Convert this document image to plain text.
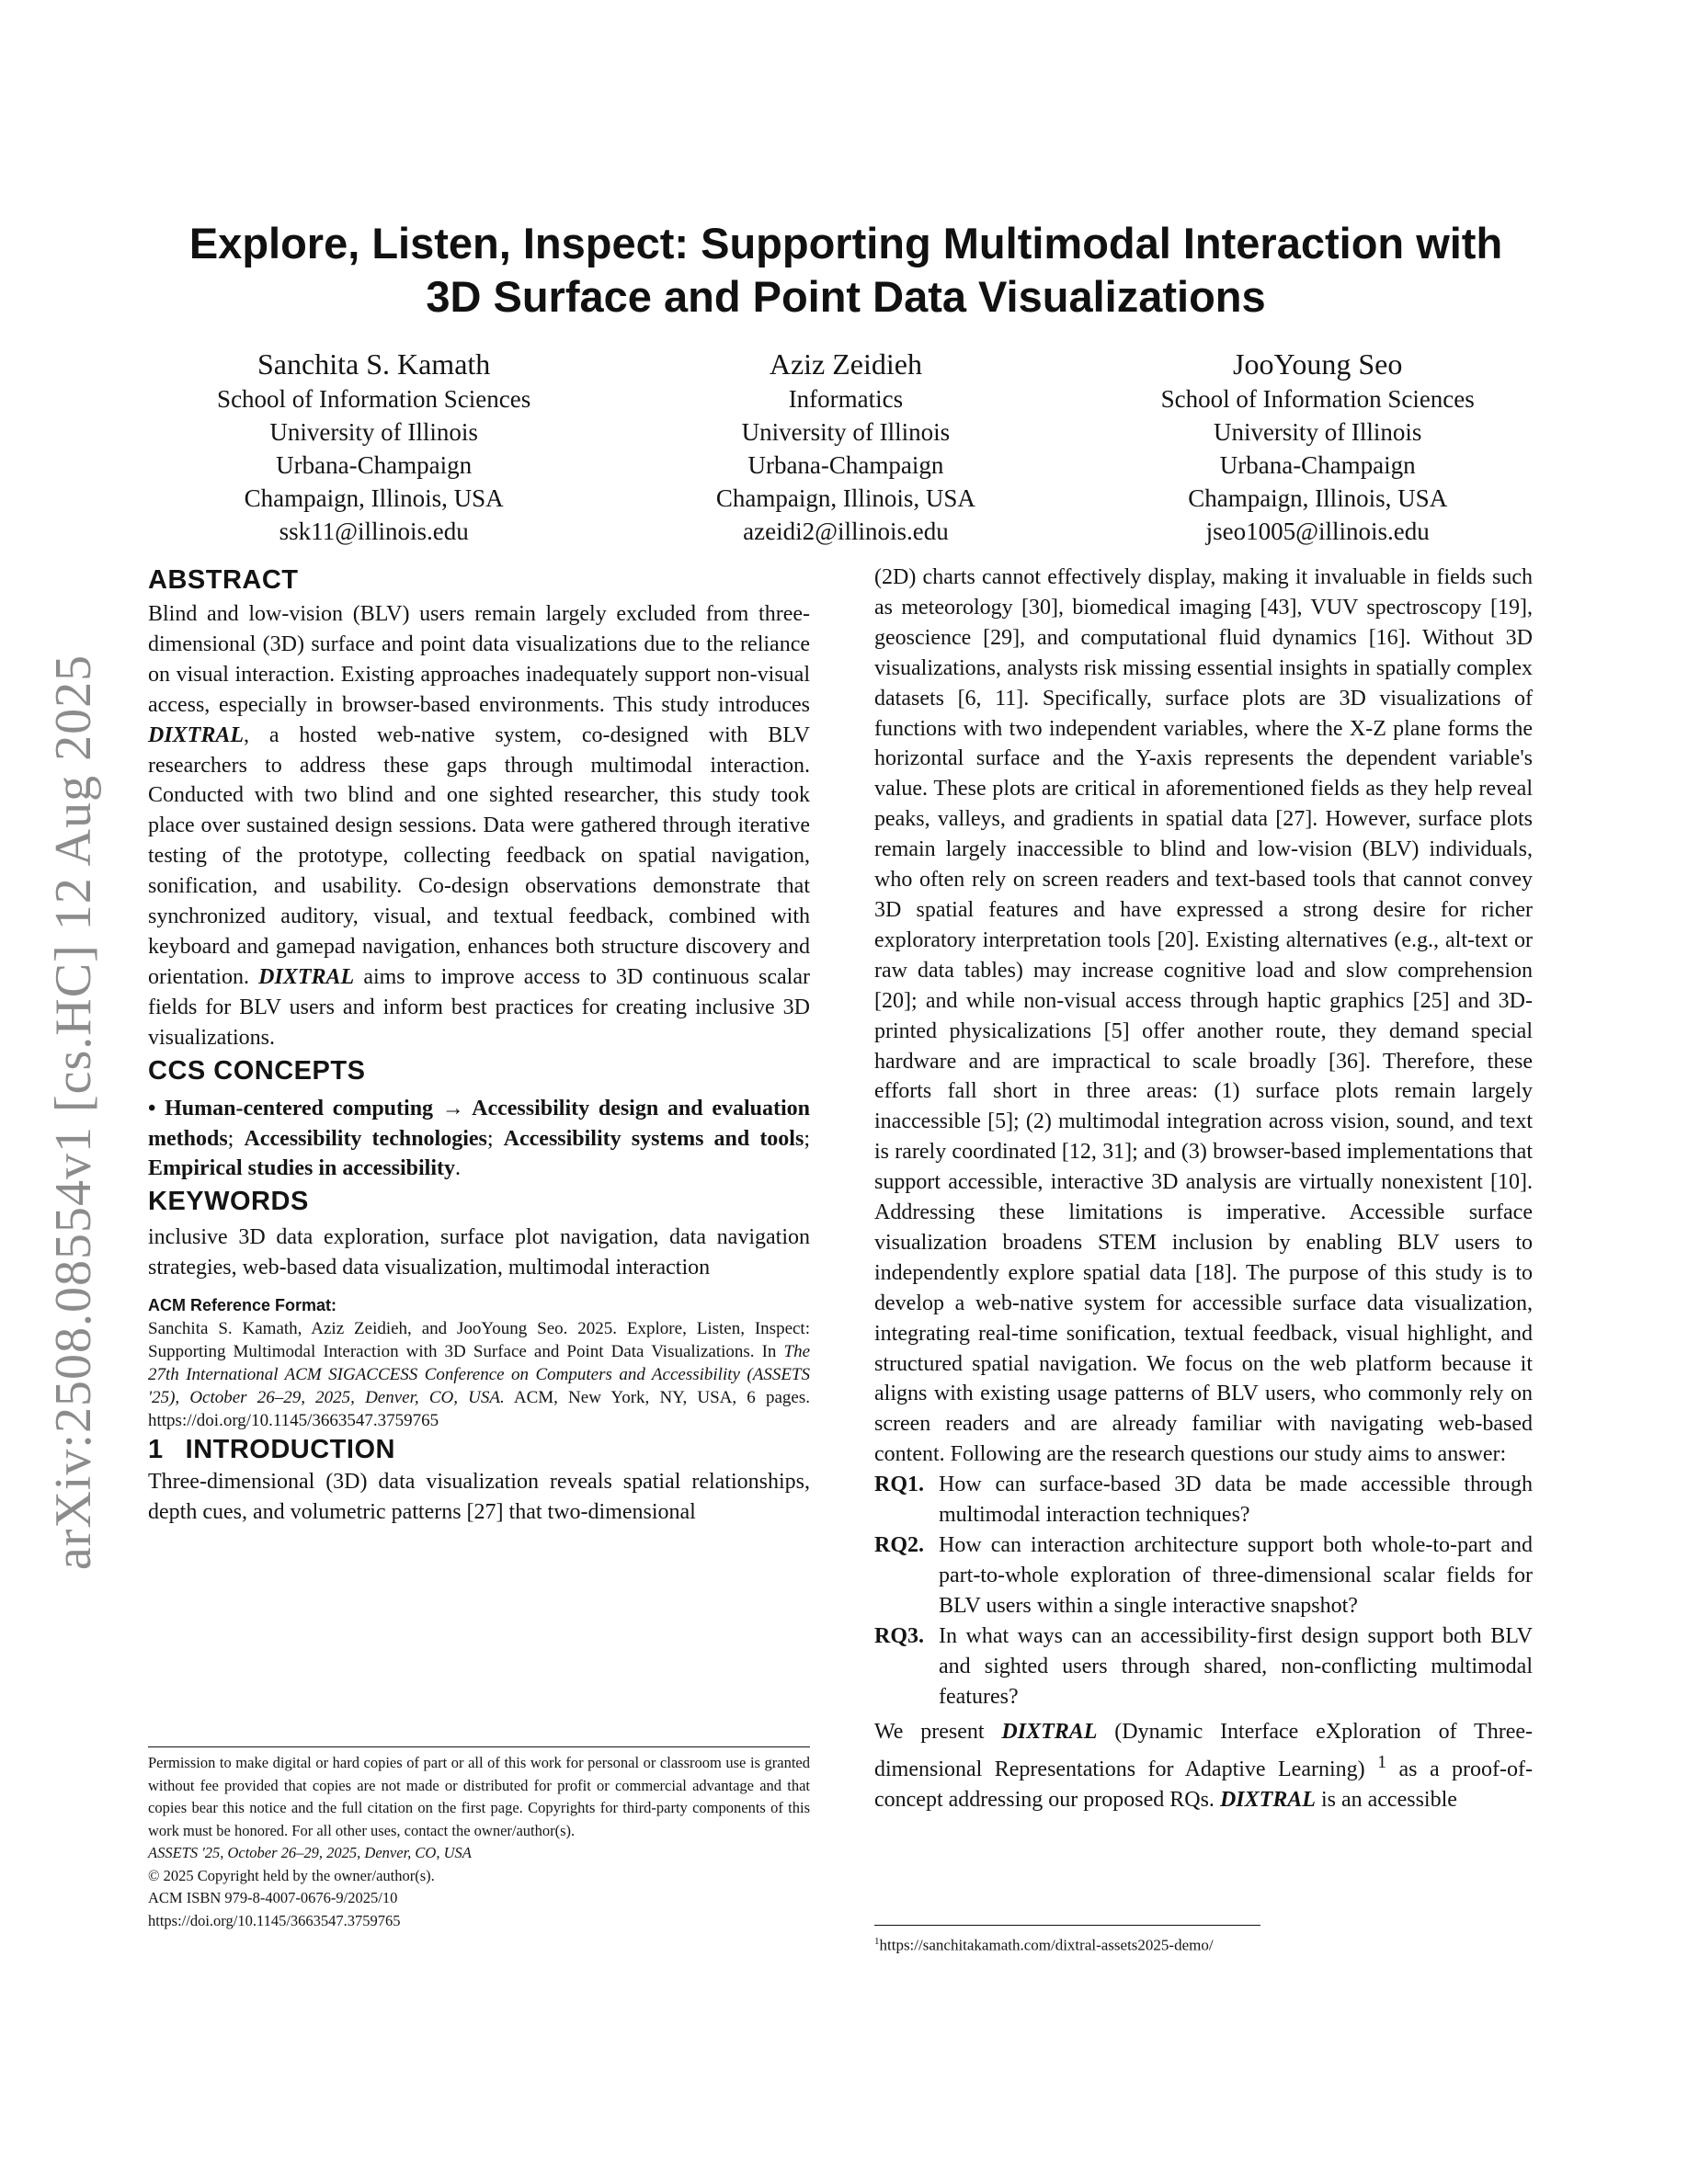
arXiv:2508.08554v1 [cs.HC] 12 Aug 2025
Explore, Listen, Inspect: Supporting Multimodal Interaction with
3D Surface and Point Data Visualizations
Sanchita S. Kamath
School of Information Sciences
University of Illinois
Urbana-Champaign
Champaign, Illinois, USA
ssk11@illinois.edu
Aziz Zeidieh
Informatics
University of Illinois
Urbana-Champaign
Champaign, Illinois, USA
azeidi2@illinois.edu
JooYoung Seo
School of Information Sciences
University of Illinois
Urbana-Champaign
Champaign, Illinois, USA
jseo1005@illinois.edu
ABSTRACT

Blind and low-vision (BLV) users remain largely excluded from three-dimensional (3D) surface and point data visualizations due to the reliance on visual interaction. Existing approaches inadequately support non-visual access, especially in browser-based environments. This study introduces DIXTRAL, a hosted web-native system, co-designed with BLV researchers to address these gaps through multimodal interaction. Conducted with two blind and one sighted researcher, this study took place over sustained design sessions. Data were gathered through iterative testing of the prototype, collecting feedback on spatial navigation, sonification, and usability. Co-design observations demonstrate that synchronized auditory, visual, and textual feedback, combined with keyboard and gamepad navigation, enhances both structure discovery and orientation. DIXTRAL aims to improve access to 3D continuous scalar fields for BLV users and inform best practices for creating inclusive 3D visualizations.

CCS CONCEPTS

• Human-centered computing → Accessibility design and evaluation methods; Accessibility technologies; Accessibility systems and tools; Empirical studies in accessibility.

KEYWORDS

inclusive 3D data exploration, surface plot navigation, data navigation strategies, web-based data visualization, multimodal interaction

ACM Reference Format:
Sanchita S. Kamath, Aziz Zeidieh, and JooYoung Seo. 2025. Explore, Listen, Inspect: Supporting Multimodal Interaction with 3D Surface and Point Data Visualizations. In The 27th International ACM SIGACCESS Conference on Computers and Accessibility (ASSETS '25), October 26–29, 2025, Denver, CO, USA. ACM, New York, NY, USA, 6 pages. https://doi.org/10.1145/3663547.3759765
1 INTRODUCTION

Three-dimensional (3D) data visualization reveals spatial relationships, depth cues, and volumetric patterns [27] that two-dimensional

Permission to make digital or hard copies of part or all of this work for personal or classroom use is granted without fee provided that copies are not made or distributed for profit or commercial advantage and that copies bear this notice and the full citation on the first page. Copyrights for third-party components of this work must be honored. For all other uses, contact the owner/author(s).
ASSETS '25, October 26–29, 2025, Denver, CO, USA
© 2025 Copyright held by the owner/author(s).
ACM ISBN 979-8-4007-0676-9/2025/10
https://doi.org/10.1145/3663547.3759765

(2D) charts cannot effectively display, making it invaluable in fields such as meteorology [30], biomedical imaging [43], VUV spectroscopy [19], geoscience [29], and computational fluid dynamics [16]. Without 3D visualizations, analysts risk missing essential insights in spatially complex datasets [6, 11]. Specifically, surface plots are 3D visualizations of functions with two independent variables, where the X-Z plane forms the horizontal surface and the Y-axis represents the dependent variable's value. These plots are critical in aforementioned fields as they help reveal peaks, valleys, and gradients in spatial data [27]. However, surface plots remain largely inaccessible to blind and low-vision (BLV) individuals, who often rely on screen readers and text-based tools that cannot convey 3D spatial features and have expressed a strong desire for richer exploratory interpretation tools [20]. Existing alternatives (e.g., alt-text or raw data tables) may increase cognitive load and slow comprehension [20]; and while non-visual access through haptic graphics [25] and 3D-printed physicalizations [5] offer another route, they demand special hardware and are impractical to scale broadly [36]. Therefore, these efforts fall short in three areas: (1) surface plots remain largely inaccessible [5]; (2) multimodal integration across vision, sound, and text is rarely coordinated [12, 31]; and (3) browser-based implementations that support accessible, interactive 3D analysis are virtually nonexistent [10]. Addressing these limitations is imperative. Accessible surface visualization broadens STEM inclusion by enabling BLV users to independently explore spatial data [18]. The purpose of this study is to develop a web-native system for accessible surface data visualization, integrating real-time sonification, textual feedback, visual highlight, and structured spatial navigation. We focus on the web platform because it aligns with existing usage patterns of BLV users, who commonly rely on screen readers and are already familiar with navigating web-based content. Following are the research questions our study aims to answer:

RQ1. How can surface-based 3D data be made accessible through multimodal interaction techniques?
RQ2. How can interaction architecture support both whole-to-part and part-to-whole exploration of three-dimensional scalar fields for BLV users within a single interactive snapshot?
RQ3. In what ways can an accessibility-first design support both BLV and sighted users through shared, non-conflicting multimodal features?

We present DIXTRAL (Dynamic Interface eXploration of Three-dimensional Representations for Adaptive Learning) $^1$ as a proof-of-concept addressing our proposed RQs. DIXTRAL is an accessible

$^1$https://sanchitakamath.com/dixtral-assets2025-demo/
